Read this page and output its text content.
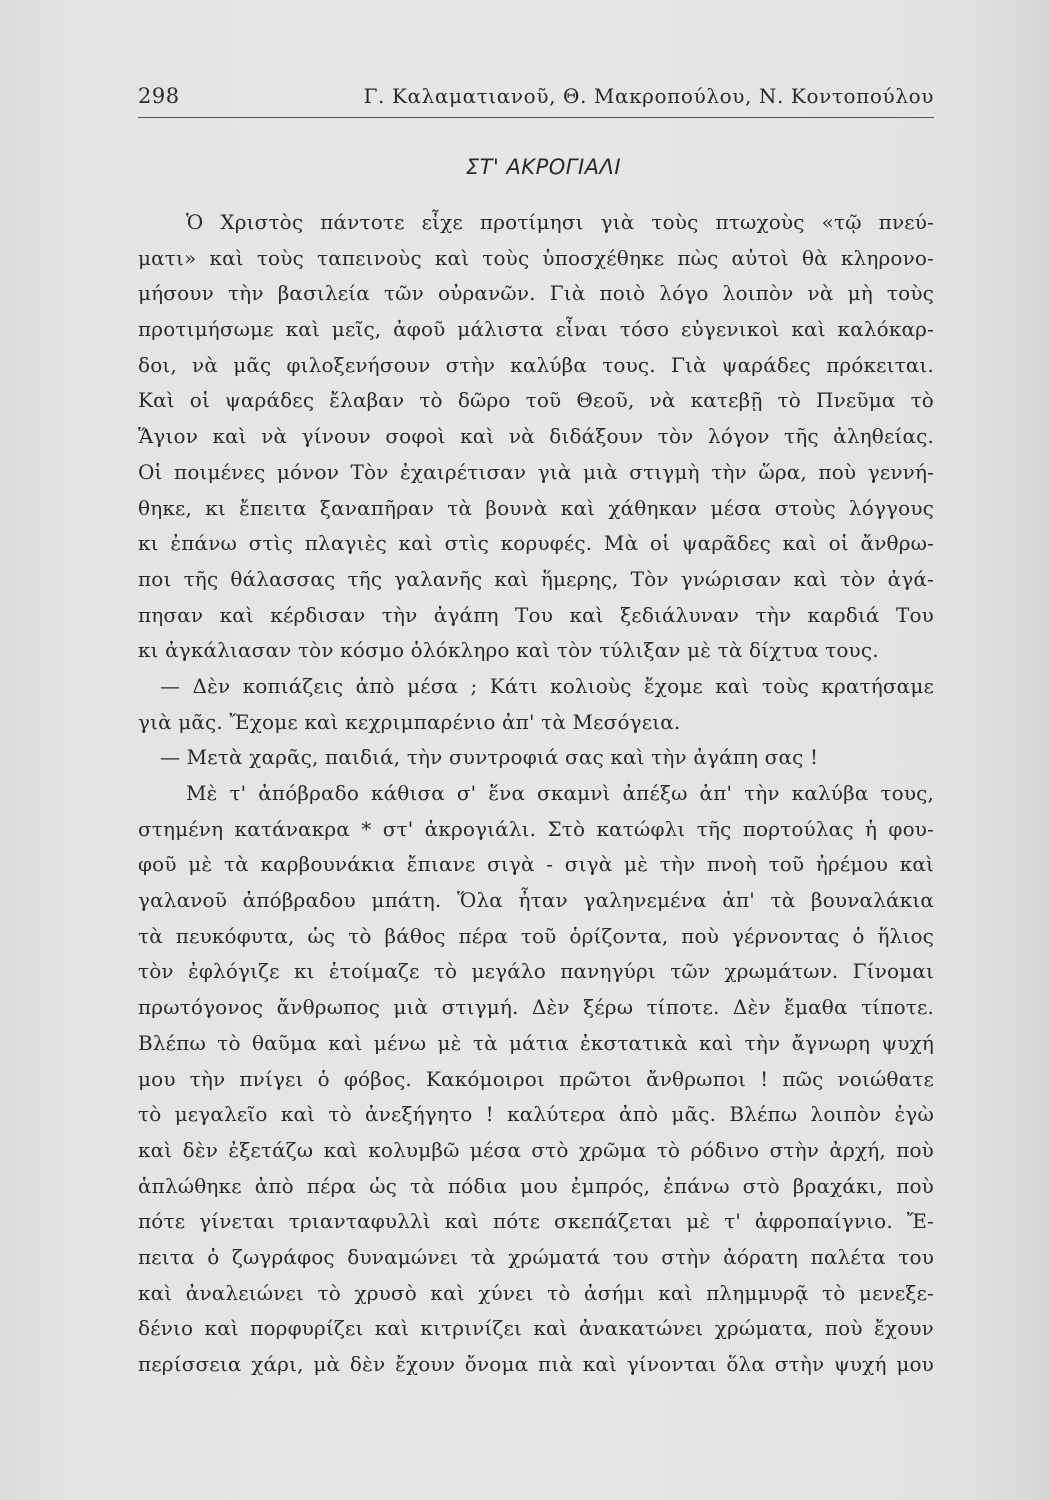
298	Γ. Καλαματιανοῦ, Θ. Μακροπούλου, Ν. Κοντοπούλου
ΣΤ' ΑΚΡΟΓΙΑΛΙ
Ὁ Χριστὸς πάντοτε εἶχε προτίμησι γιὰ τοὺς πτωχοὺς «τῷ πνεύ-
ματι» καὶ τοὺς ταπεινοὺς καὶ τοὺς ὑποσχέθηκε πὼς αὐτοὶ θὰ κληρονο-
μήσουν τὴν βασιλεία τῶν οὐρανῶν. Γιὰ ποιὸ λόγο λοιπὸν νὰ μὴ τοὺς
προτιμήσωμε καὶ μεῖς, ἀφοῦ μάλιστα εἶναι τόσο εὐγενικοὶ καὶ καλόκαρ-
δοι, νὰ μᾶς φιλοξενήσουν στὴν καλύβα τους. Γιὰ ψαράδες πρόκειται.
Καὶ οἱ ψαράδες ἔλαβαν τὸ δῶρο τοῦ Θεοῦ, νὰ κατεβῇ τὸ Πνεῦμα τὸ
Ἅγιον καὶ νὰ γίνουν σοφοὶ καὶ νὰ διδάξουν τὸν λόγον τῆς ἀληθείας.
Οἱ ποιμένες μόνον Τὸν ἐχαιρέτισαν γιὰ μιὰ στιγμὴ τὴν ὥρα, ποὺ γεννή-
θηκε, κι ἔπειτα ξαναπῆραν τὰ βουνὰ καὶ χάθηκαν μέσα στοὺς λόγγους
κι ἐπάνω στὶς πλαγιὲς καὶ στὶς κορυφές. Μὰ οἱ ψαρᾶδες καὶ οἱ ἄνθρω-
ποι τῆς θάλασσας τῆς γαλανῆς καὶ ἥμερης, Τὸν γνώρισαν καὶ τὸν ἀγά-
πησαν καὶ κέρδισαν τὴν ἀγάπη Του καὶ ξεδιάλυναν τὴν καρδιά Του
κι ἀγκάλιασαν τὸν κόσμο ὁλόκληρο καὶ τὸν τύλιξαν μὲ τὰ δίχτυα τους.
— Δὲν κοπιάζεις ἀπὸ μέσα ; Κάτι κολιοὺς ἔχομε καὶ τοὺς κρατήσαμε
γιὰ μᾶς. Ἔχομε καὶ κεχριμπαρένιο ἀπ' τὰ Μεσόγεια.
— Μετὰ χαρᾶς, παιδιά, τὴν συντροφιά σας καὶ τὴν ἀγάπη σας !
Μὲ τ' ἀπόβραδο κάθισα σ' ἕνα σκαμνὶ ἀπέξω ἀπ' τὴν καλύβα τους,
στημένη κατάνακρα * στ' ἀκρογιάλι. Στὸ κατώφλι τῆς πορτούλας ἡ φου-
φοῦ μὲ τὰ καρβουνάκια ἔπιανε σιγὰ - σιγὰ μὲ τὴν πνοὴ τοῦ ἠρέμου καὶ
γαλανοῦ ἀπόβραδου μπάτη. Ὅλα ἦταν γαληνεμένα ἀπ' τὰ βουναλάκια
τὰ πευκόφυτα, ὡς τὸ βάθος πέρα τοῦ ὁρίζοντα, ποὺ γέρνοντας ὁ ἥλιος
τὸν ἐφλόγιζε κι ἑτοίμαζε τὸ μεγάλο πανηγύρι τῶν χρωμάτων. Γίνομαι
πρωτόγονος ἄνθρωπος μιὰ στιγμή. Δὲν ξέρω τίποτε. Δὲν ἔμαθα τίποτε.
Βλέπω τὸ θαῦμα καὶ μένω μὲ τὰ μάτια ἐκστατικὰ καὶ τὴν ἄγνωρη ψυχή
μου τὴν πνίγει ὁ φόβος. Κακόμοιροι πρῶτοι ἄνθρωποι ! πῶς νοιώθατε
τὸ μεγαλεῖο καὶ τὸ ἀνεξήγητο ! καλύτερα ἀπὸ μᾶς. Βλέπω λοιπὸν ἐγὼ
καὶ δὲν ἐξετάζω καὶ κολυμβῶ μέσα στὸ χρῶμα τὸ ρόδινο στὴν ἀρχή, ποὺ
ἁπλώθηκε ἀπὸ πέρα ὡς τὰ πόδια μου ἐμπρός, ἐπάνω στὸ βραχάκι, ποὺ
πότε γίνεται τριανταφυλλὶ καὶ πότε σκεπάζεται μὲ τ' ἀφροπαίγνιο. Ἔ-
πειτα ὁ ζωγράφος δυναμώνει τὰ χρώματά του στὴν ἀόρατη παλέτα του
καὶ ἀναλειώνει τὸ χρυσὸ καὶ χύνει τὸ ἀσήμι καὶ πλημμυρᾷ τὸ μενεξε-
δένιο καὶ πορφυρίζει καὶ κιτρινίζει καὶ ἀνακατώνει χρώματα, ποὺ ἔχουν
περίσσεια χάρι, μὰ δὲν ἔχουν ὄνομα πιὰ καὶ γίνονται ὅλα στὴν ψυχή μου
